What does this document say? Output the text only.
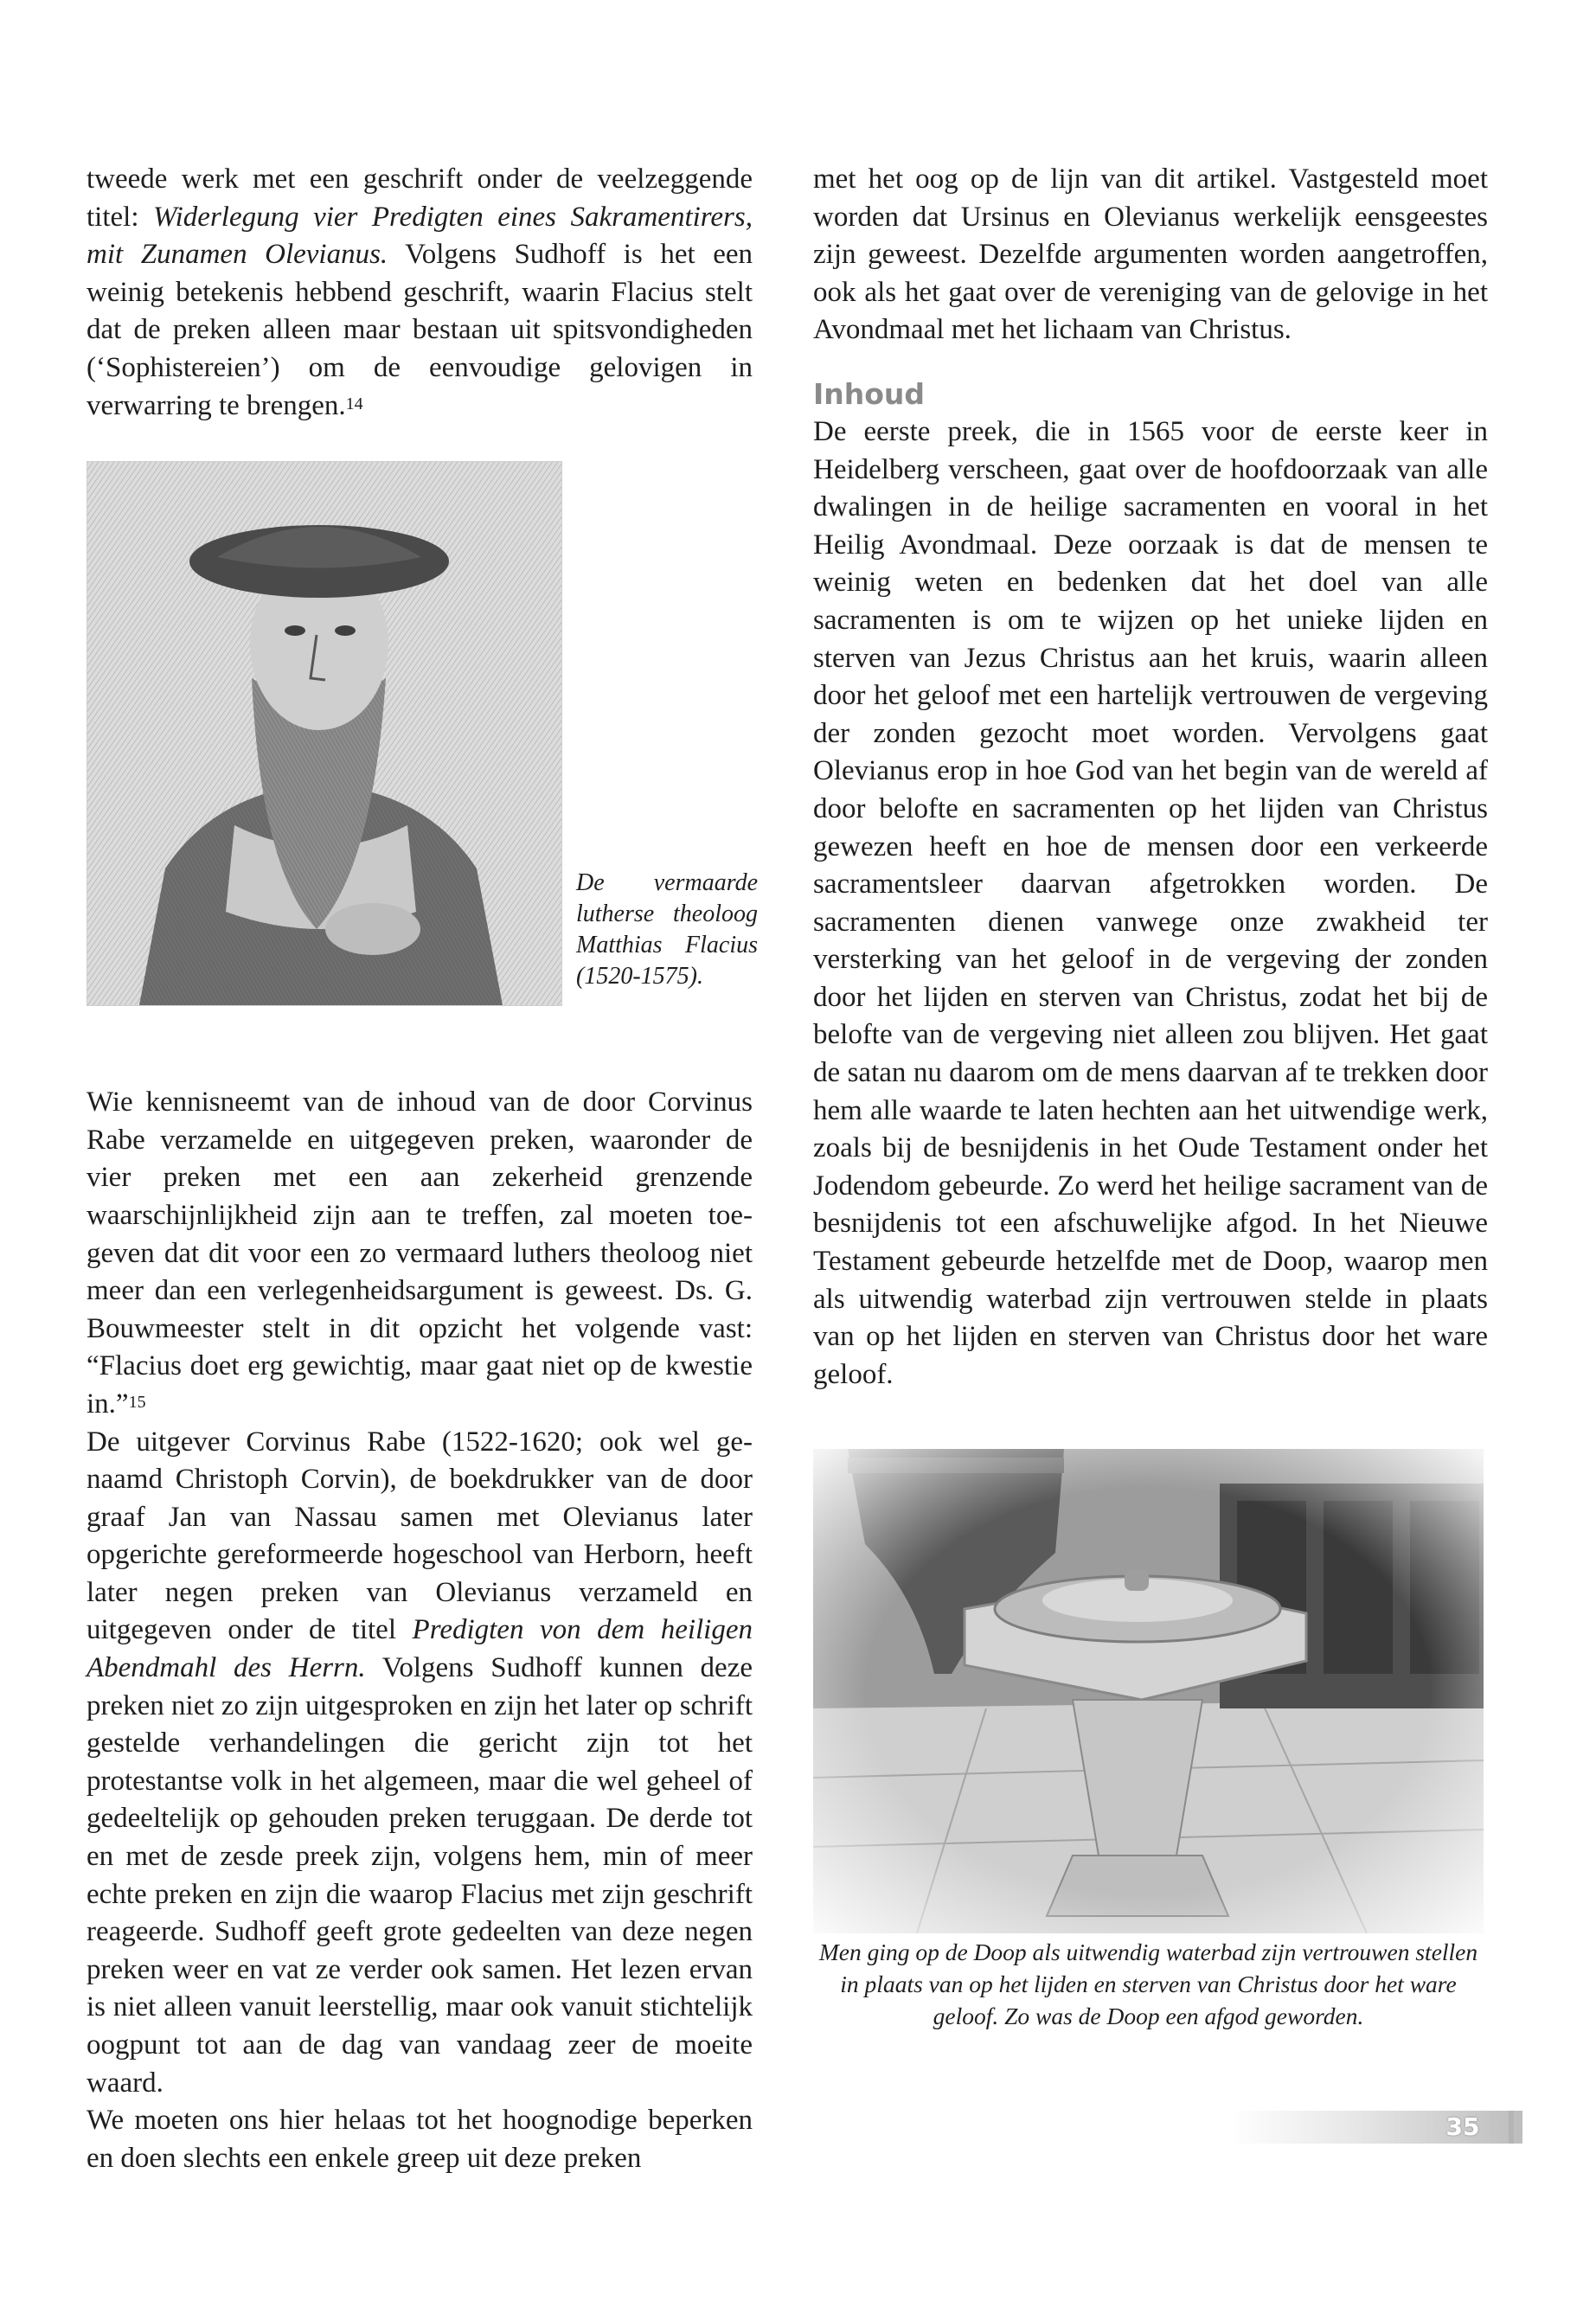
tweede werk met een geschrift onder de veelzeggende titel: Widerlegung vier Predigten eines Sakramentirers, mit Zunamen Olevianus. Volgens Sudhoff is het een weinig betekenis hebbend geschrift, waarin Flacius stelt dat de preken alleen maar bestaan uit spitsvondigheden (‘Sophistereien’) om de eenvoudige gelovigen in verwarring te brengen.$^{14}$

De vermaarde lutherse theoloog Matthias Flacius (1520-1575).

Wie kennisneemt van de inhoud van de door Corvinus Rabe verzamelde en uitgegeven preken, waaronder de vier preken met een aan zekerheid grenzende waarschijnlijkheid zijn aan te treffen, zal moeten toegeven dat dit voor een zo vermaard luthers theoloog niet meer dan een verlegenheidsargument is geweest. Ds. G. Bouwmeester stelt in dit opzicht het volgende vast: “Flacius doet erg gewichtig, maar gaat niet op de kwestie in.”$^{15}$

De uitgever Corvinus Rabe (1522-1620; ook wel genaamd Christoph Corvin), de boekdrukker van de door graaf Jan van Nassau samen met Olevianus later opgerichte gereformeerde hogeschool van Herborn, heeft later negen preken van Olevianus verzameld en uitgegeven onder de titel Predigten von dem heiligen Abendmahl des Herrn. Volgens Sudhoff kunnen deze preken niet zo zijn uitgesproken en zijn het later op schrift gestelde verhandelingen die gericht zijn tot het protestantse volk in het algemeen, maar die wel geheel of gedeeltelijk op gehouden preken teruggaan. De derde tot en met de zesde preek zijn, volgens hem, min of meer echte preken en zijn die waarop Flacius met zijn geschrift reageerde. Sudhoff geeft grote gedeelten van deze negen preken weer en vat ze verder ook samen. Het lezen ervan is niet alleen vanuit leerstellig, maar ook vanuit stichtelijk oogpunt tot aan de dag van vandaag zeer de moeite waard.

We moeten ons hier helaas tot het hoognodige beperken en doen slechts een enkele greep uit deze preken

met het oog op de lijn van dit artikel. Vastgesteld moet worden dat Ursinus en Olevianus werkelijk eensgeestes zijn geweest. Dezelfde argumenten worden aangetroffen, ook als het gaat over de vereniging van de gelovige in het Avondmaal met het lichaam van Christus.

Inhoud

De eerste preek, die in 1565 voor de eerste keer in Heidelberg verscheen, gaat over de hoofdoorzaak van alle dwalingen in de heilige sacramenten en vooral in het Heilig Avondmaal. Deze oorzaak is dat de mensen te weinig weten en bedenken dat het doel van alle sacramenten is om te wijzen op het unieke lijden en sterven van Jezus Christus aan het kruis, waarin alleen door het geloof met een hartelijk vertrouwen de vergeving der zonden gezocht moet worden. Vervolgens gaat Olevianus erop in hoe God van het begin van de wereld af door belofte en sacramenten op het lijden van Christus gewezen heeft en hoe de mensen door een verkeerde sacramentsleer daarvan afgetrokken worden. De sacramenten dienen vanwege onze zwakheid ter versterking van het geloof in de vergeving der zonden door het lijden en sterven van Christus, zodat het bij de belofte van de vergeving niet alleen zou blijven. Het gaat de satan nu daarom om de mens daarvan af te trekken door hem alle waarde te laten hechten aan het uitwendige werk, zoals bij de besnijdenis in het Oude Testament onder het Jodendom gebeurde. Zo werd het heilige sacrament van de besnijdenis tot een afschuwelijke afgod. In het Nieuwe Testament gebeurde hetzelfde met de Doop, waarop men als uitwendig waterbad zijn vertrouwen stelde in plaats van op het lijden en sterven van Christus door het ware geloof.

Men ging op de Doop als uitwendig waterbad zijn vertrouwen stellen in plaats van op het lijden en sterven van Christus door het ware geloof. Zo was de Doop een afgod geworden.

35
